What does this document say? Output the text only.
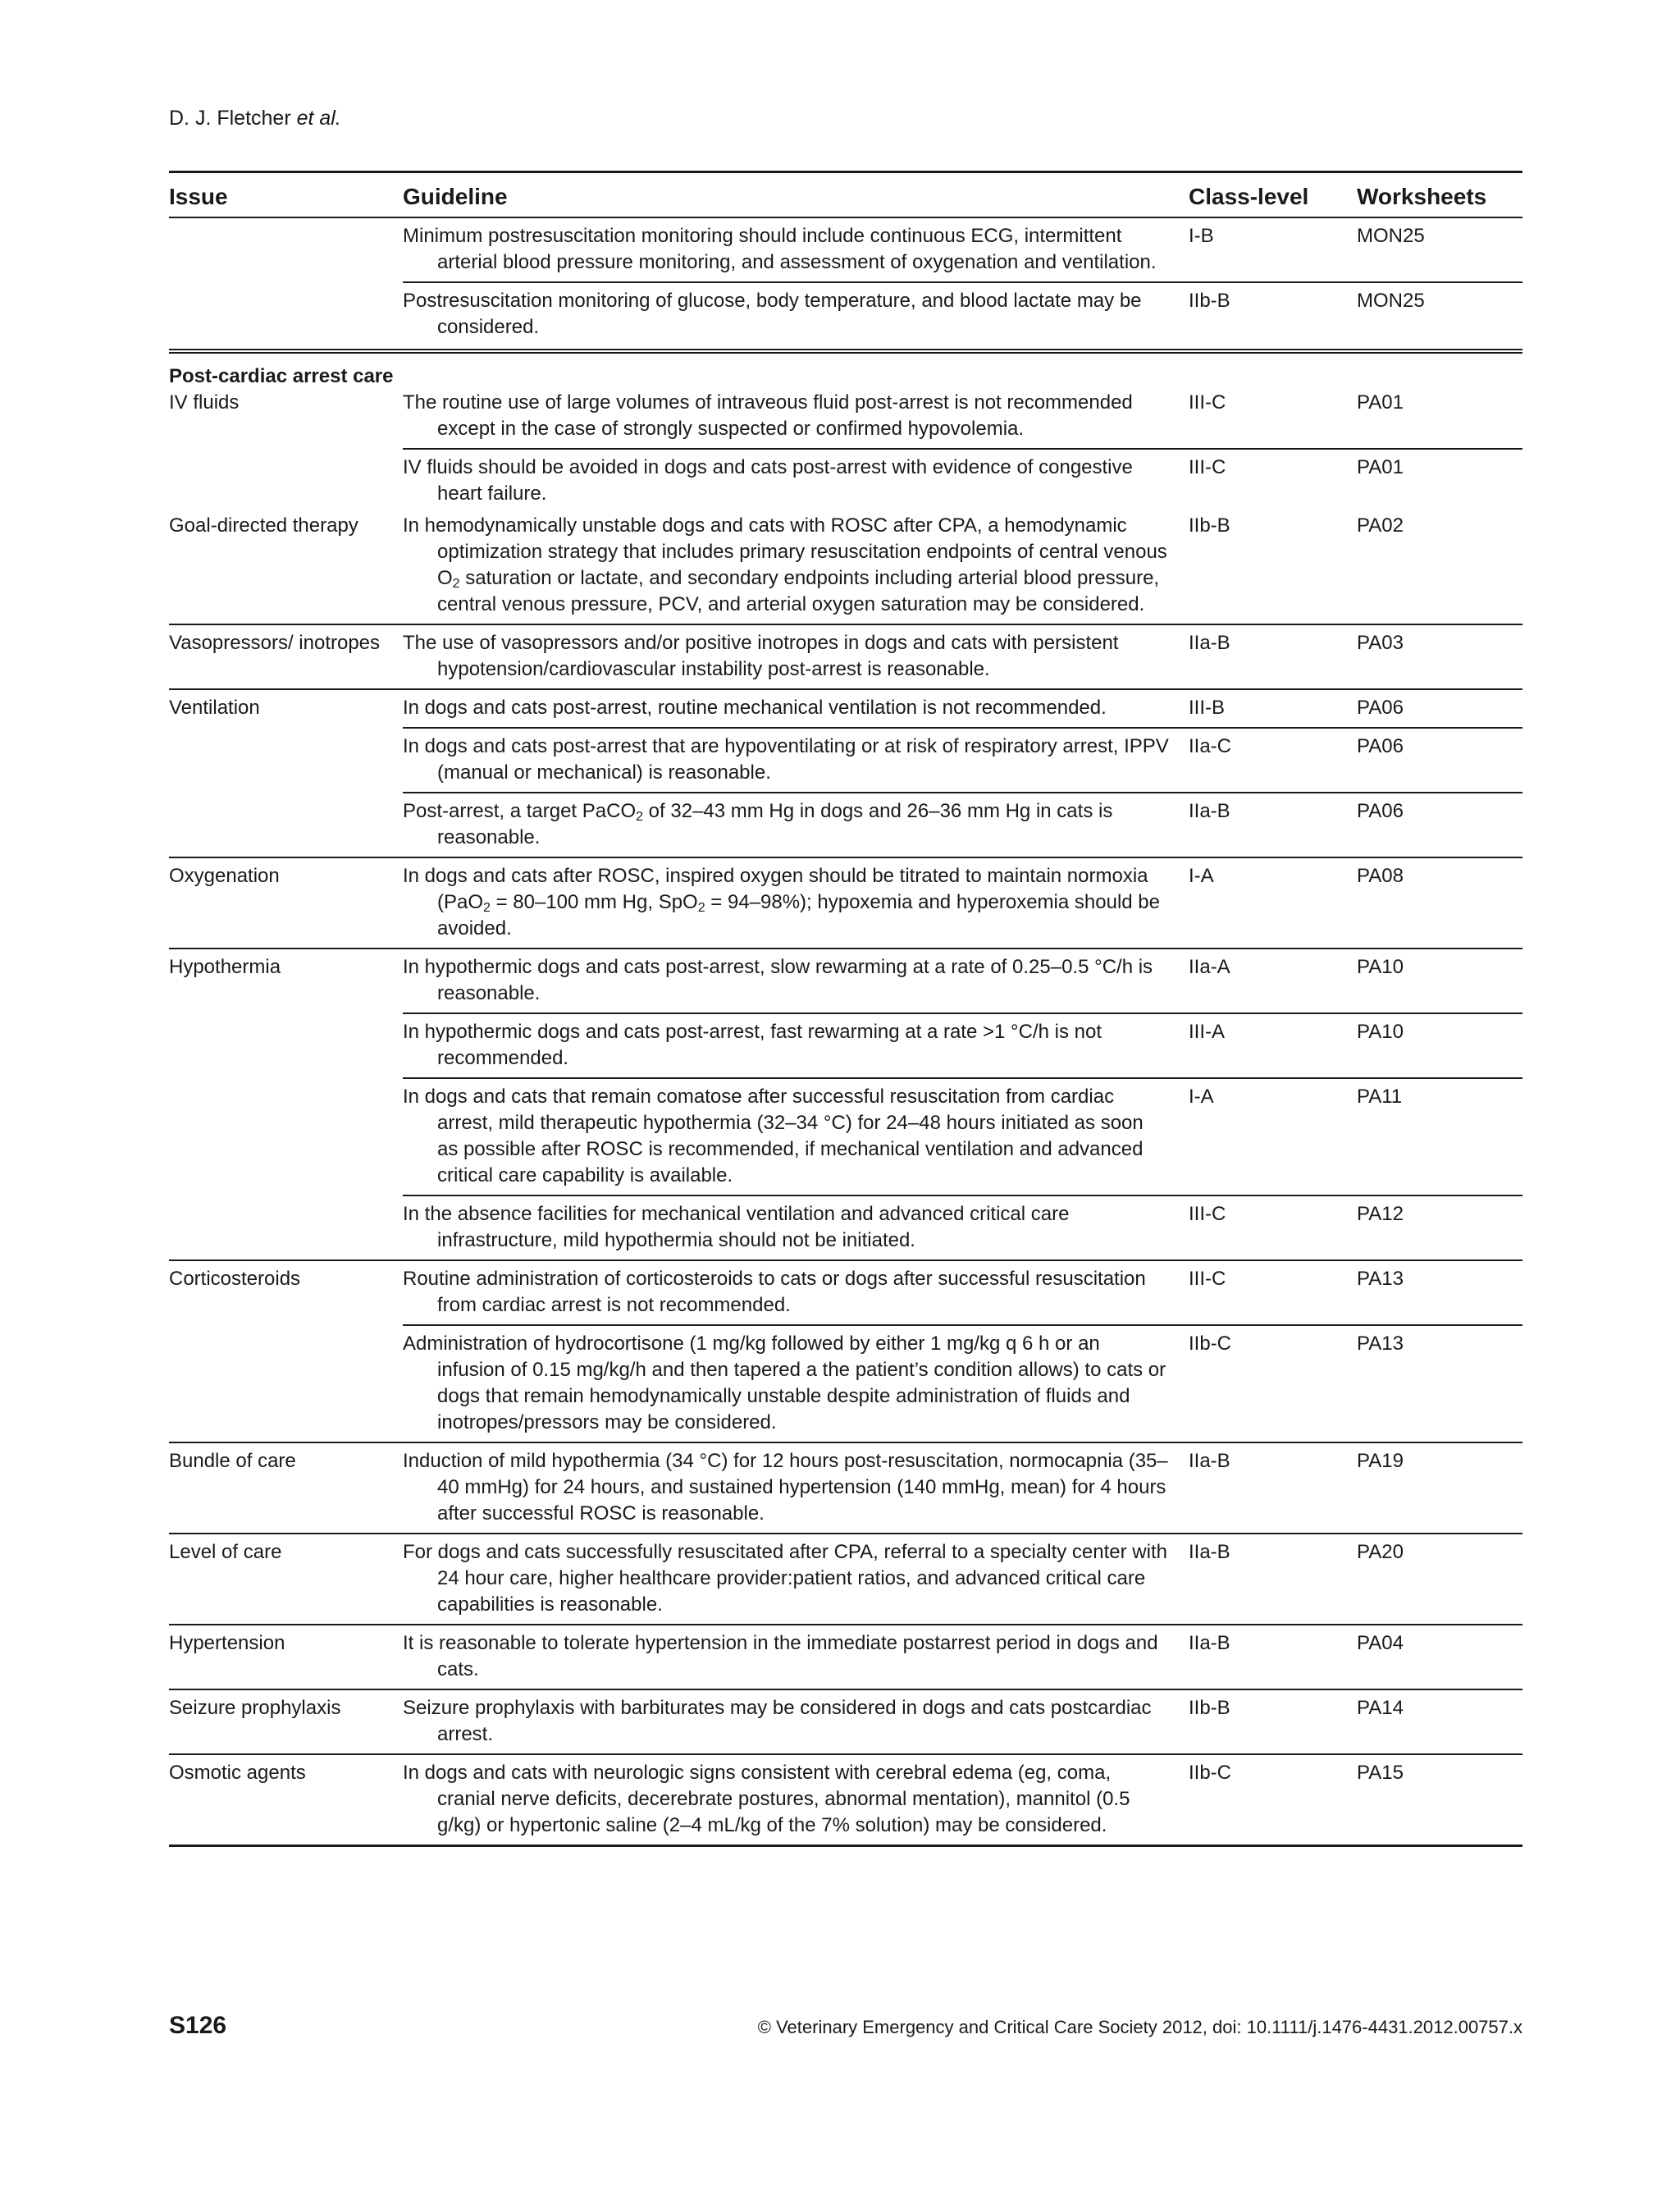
D. J. Fletcher et al.
Issue	Guideline	Class-level	Worksheets

	Minimum postresuscitation monitoring should include continuous ECG, intermittent arterial blood pressure monitoring, and assessment of oxygenation and ventilation.	I-B	MON25

	Postresuscitation monitoring of glucose, body temperature, and blood lactate may be considered.	IIb-B	MON25
Post-cardiac arrest care			
IV fluids	The routine use of large volumes of intraveous fluid post-arrest is not recommended except in the case of strongly suspected or confirmed hypovolemia.	III-C	PA01

	IV fluids should be avoided in dogs and cats post-arrest with evidence of congestive heart failure.	III-C	PA01
Goal-directed therapy	In hemodynamically unstable dogs and cats with ROSC after CPA, a hemodynamic optimization strategy that includes primary resuscitation endpoints of central venous $O_2$ saturation or lactate, and secondary endpoints including arterial blood pressure, central venous pressure, PCV, and arterial oxygen saturation may be considered.	IIb-B	PA02

Vasopressors/ inotropes	The use of vasopressors and/or positive inotropes in dogs and cats with persistent hypotension/cardiovascular instability post-arrest is reasonable.	IIa-B	PA03
Ventilation	In dogs and cats post-arrest, routine mechanical ventilation is not recommended.	III-B	PA06

	In dogs and cats post-arrest that are hypoventilating or at risk of respiratory arrest, IPPV (manual or mechanical) is reasonable.	IIa-C	PA06

	Post-arrest, a target PaCO$_2$ of 32–43 mm Hg in dogs and 26–36 mm Hg in cats is reasonable.	IIa-B	PA06
Oxygenation	In dogs and cats after ROSC, inspired oxygen should be titrated to maintain normoxia (PaO$_2$ = 80–100 mm Hg, SpO$_2$ = 94–98%); hypoxemia and hyperoxemia should be avoided.	I-A	PA08
Hypothermia	In hypothermic dogs and cats post-arrest, slow rewarming at a rate of 0.25–0.5 °C/h is reasonable.	IIa-A	PA10

	In hypothermic dogs and cats post-arrest, fast rewarming at a rate >1 °C/h is not recommended.	III-A	PA10

	In dogs and cats that remain comatose after successful resuscitation from cardiac arrest, mild therapeutic hypothermia (32–34 °C) for 24–48 hours initiated as soon as possible after ROSC is recommended, if mechanical ventilation and advanced critical care capability is available.	I-A	PA11

	In the absence facilities for mechanical ventilation and advanced critical care infrastructure, mild hypothermia should not be initiated.	III-C	PA12
Corticosteroids	Routine administration of corticosteroids to cats or dogs after successful resuscitation from cardiac arrest is not recommended.	III-C	PA13

	Administration of hydrocortisone (1 mg/kg followed by either 1 mg/kg q 6 h or an infusion of 0.15 mg/kg/h and then tapered a the patient’s condition allows) to cats or dogs that remain hemodynamically unstable despite administration of fluids and inotropes/pressors may be considered.	IIb-C	PA13
Bundle of care	Induction of mild hypothermia (34 °C) for 12 hours post-resuscitation, normocapnia (35–40 mmHg) for 24 hours, and sustained hypertension (140 mmHg, mean) for 4 hours after successful ROSC is reasonable.	IIa-B	PA19
Level of care	For dogs and cats successfully resuscitated after CPA, referral to a specialty center with 24 hour care, higher healthcare provider:patient ratios, and advanced critical care capabilities is reasonable.	IIa-B	PA20
Hypertension	It is reasonable to tolerate hypertension in the immediate postarrest period in dogs and cats.	IIa-B	PA04
Seizure prophylaxis	Seizure prophylaxis with barbiturates may be considered in dogs and cats postcardiac arrest.	IIb-B	PA14
Osmotic agents	In dogs and cats with neurologic signs consistent with cerebral edema (eg, coma, cranial nerve deficits, decerebrate postures, abnormal mentation), mannitol (0.5 g/kg) or hypertonic saline (2–4 mL/kg of the 7% solution) may be considered.	IIb-C	PA15
S126	© Veterinary Emergency and Critical Care Society 2012, doi: 10.1111/j.1476-4431.2012.00757.x
